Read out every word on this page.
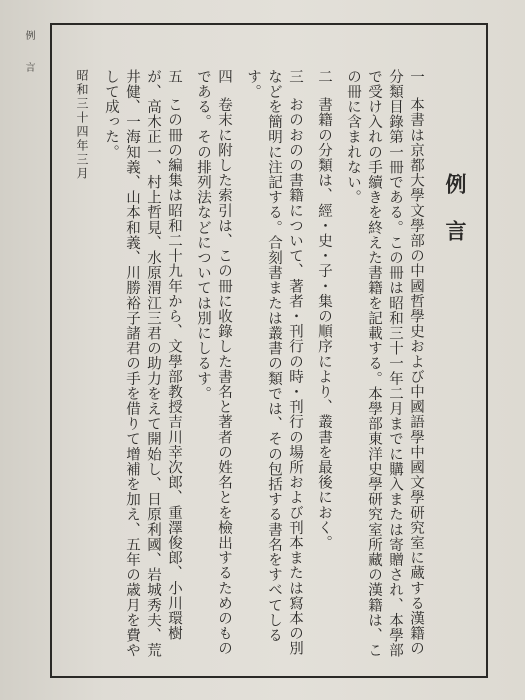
例言
例言

一 本書は京都大學文學部の中國哲學史および中國語學中國文學研究室に蔵する漢籍の分類目錄第一冊である。この冊は昭和三十一年二月までに購入または寄贈され、本學部で受け入れの手續きを終えた書籍を記載する。本學部東洋史學研究室所藏の漢籍は、この冊に含まれない。

二 書籍の分類は、經・史・子・集の順序により、叢書を最後におく。

三 おのおのの書籍について、著者・刊行の時・刊行の場所および刊本または寫本の別などを簡明に注記する。合刻書または叢書の類では、その包括する書名をすべてしるす。

四 卷末に附した索引は、この冊に收錄した書名と著者の姓名とを檢出するためのものである。その排列法などについては別にしるす。

五 この冊の編集は昭和二十九年から、文學部教授吉川幸次郎、重澤俊郎、小川環樹が、高木正一、村上哲見、水原渭江三君の助力をえて開始し、日原利國、岩城秀夫、荒井健、一海知義、山本和義、川勝裕子諸君の手を借りて增補を加え、五年の歳月を費やして成った。

昭和三十四年三月
